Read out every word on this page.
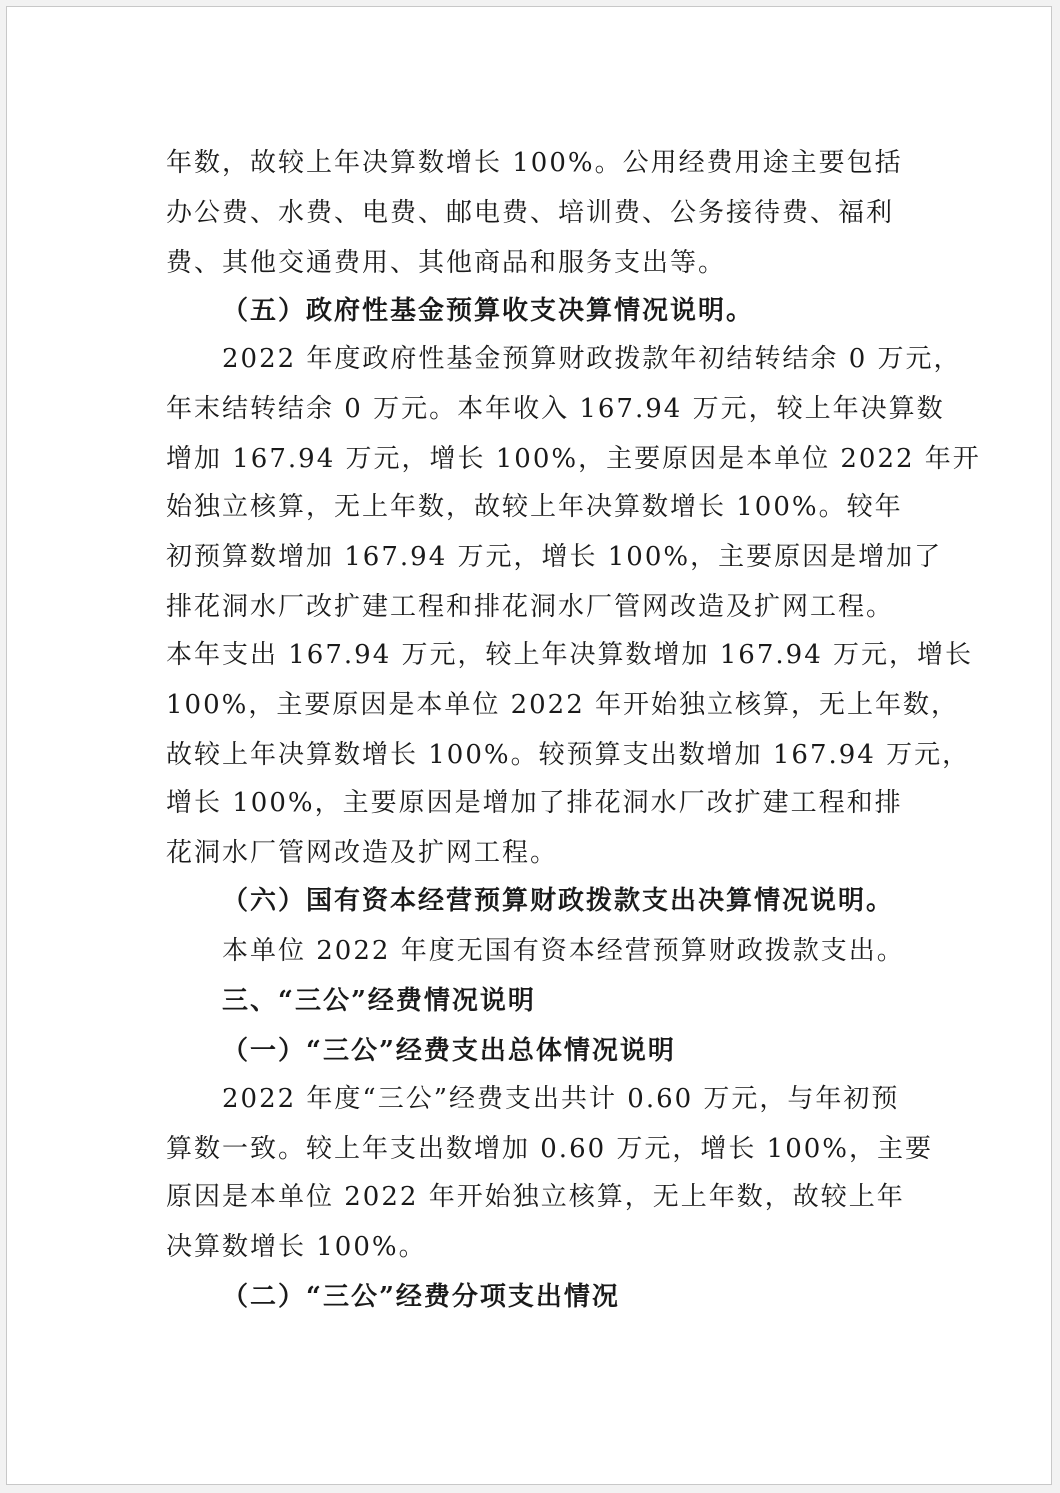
年数，故较上年决算数增长 100%。公用经费用途主要包括
办公费、水费、电费、邮电费、培训费、公务接待费、福利
费、其他交通费用、其他商品和服务支出等。
（五）政府性基金预算收支决算情况说明。
2022 年度政府性基金预算财政拨款年初结转结余 0 万元，
年末结转结余 0 万元。本年收入 167.94 万元，较上年决算数
增加 167.94 万元，增长 100%，主要原因是本单位 2022 年开
始独立核算，无上年数，故较上年决算数增长 100%。较年
初预算数增加 167.94 万元，增长 100%，主要原因是增加了
排花洞水厂改扩建工程和排花洞水厂管网改造及扩网工程。
本年支出 167.94 万元，较上年决算数增加 167.94 万元，增长
100%，主要原因是本单位 2022 年开始独立核算，无上年数，
故较上年决算数增长 100%。较预算支出数增加 167.94 万元，
增长 100%，主要原因是增加了排花洞水厂改扩建工程和排
花洞水厂管网改造及扩网工程。
（六）国有资本经营预算财政拨款支出决算情况说明。
本单位 2022 年度无国有资本经营预算财政拨款支出。
三、“三公”经费情况说明
（一）“三公”经费支出总体情况说明
2022 年度“三公”经费支出共计 0.60 万元，与年初预
算数一致。较上年支出数增加 0.60 万元，增长 100%，主要
原因是本单位 2022 年开始独立核算，无上年数，故较上年
决算数增长 100%。
（二）“三公”经费分项支出情况
